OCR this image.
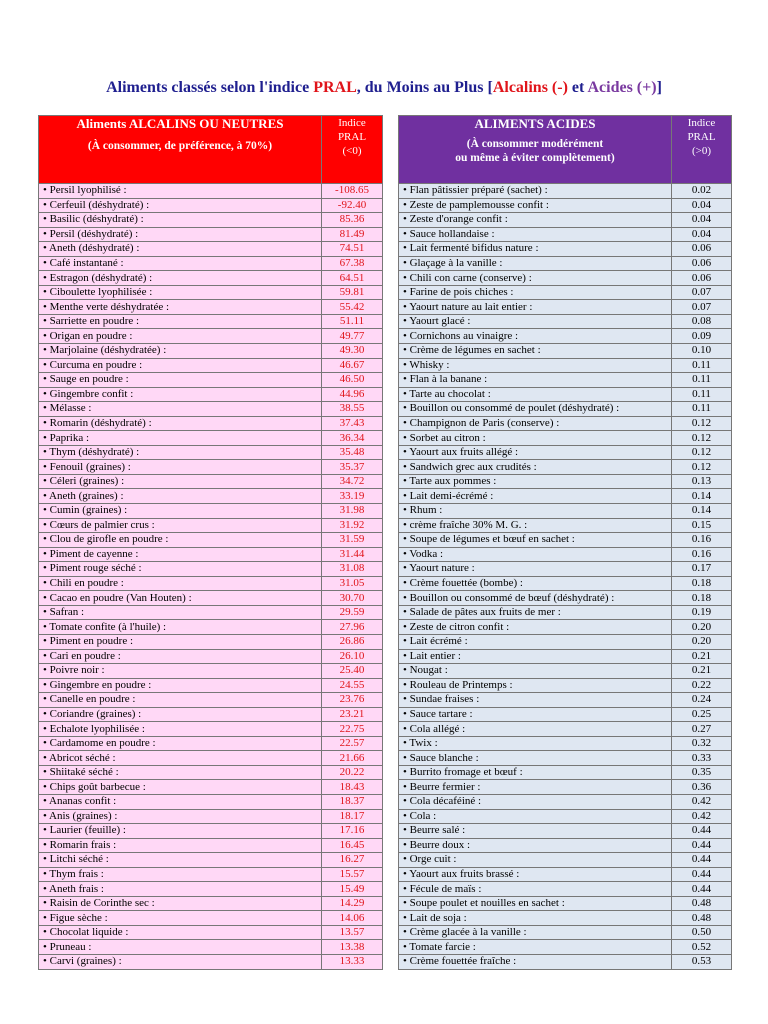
Aliments classés selon l'indice PRAL, du Moins au Plus [Alcalins (-) et Acides (+)]
Aliments ALCALINS OU NEUTRES
(À consommer, de préférence, à 70%)	Indice
PRAL
(<0)

• Persil lyophilisé :	-108.65
• Cerfeuil (déshydraté) :	-92.40
• Basilic (déshydraté) :	85.36
• Persil (déshydraté) :	81.49
• Aneth (déshydraté) :	74.51
• Café instantané :	67.38
• Estragon (déshydraté) :	64.51
• Ciboulette lyophilisée :	59.81
• Menthe verte déshydratée :	55.42
• Sarriette en poudre :	51.11
• Origan en poudre :	49.77
• Marjolaine (déshydratée) :	49.30
• Curcuma en poudre :	46.67
• Sauge en poudre :	46.50
• Gingembre confit :	44.96
• Mélasse :	38.55
• Romarin (déshydraté) :	37.43
• Paprika :	36.34
• Thym (déshydraté) :	35.48
• Fenouil (graines) :	35.37
• Céleri (graines) :	34.72
• Aneth (graines) :	33.19
• Cumin (graines) :	31.98
• Cœurs de palmier crus :	31.92
• Clou de girofle en poudre :	31.59
• Piment de cayenne :	31.44
• Piment rouge séché :	31.08
• Chili en poudre :	31.05
• Cacao en poudre (Van Houten) :	30.70
• Safran :	29.59
• Tomate confite (à l'huile) :	27.96
• Piment en poudre :	26.86
• Cari en poudre :	26.10
• Poivre noir :	25.40
• Gingembre en poudre :	24.55
• Canelle en poudre :	23.76
• Coriandre (graines) :	23.21
• Echalote lyophilisée :	22.75
• Cardamome en poudre :	22.57
• Abricot séché :	21.66
• Shiitaké séché :	20.22
• Chips goût barbecue :	18.43
• Ananas confit :	18.37
• Anis (graines) :	18.17
• Laurier (feuille) :	17.16
• Romarin frais :	16.45
• Litchi séché :	16.27
• Thym frais :	15.57
• Aneth frais :	15.49
• Raisin de Corinthe sec :	14.29
• Figue sèche :	14.06
• Chocolat liquide :	13.57
• Pruneau :	13.38
• Carvi (graines) :	13.33
ALIMENTS ACIDES
(À consommer modérément
ou même à éviter complètement)	Indice
PRAL
(>0)

• Flan pâtissier préparé (sachet) :	0.02
• Zeste de pamplemousse confit :	0.04
• Zeste d'orange confit :	0.04
• Sauce hollandaise :	0.04
• Lait fermenté bifidus nature :	0.06
• Glaçage à la vanille :	0.06
• Chili con carne (conserve) :	0.06
• Farine de pois chiches :	0.07
• Yaourt nature au lait entier :	0.07
• Yaourt glacé :	0.08
• Cornichons au vinaigre :	0.09
• Crème de légumes en sachet :	0.10
• Whisky :	0.11
• Flan à la banane :	0.11
• Tarte au chocolat :	0.11
• Bouillon ou consommé de poulet (déshydraté) :	0.11
• Champignon de Paris (conserve) :	0.12
• Sorbet au citron :	0.12
• Yaourt aux fruits allégé :	0.12
• Sandwich grec aux crudités :	0.12
• Tarte aux pommes :	0.13
• Lait demi-écrémé :	0.14
• Rhum :	0.14
• crème fraîche 30% M. G. :	0.15
• Soupe de légumes et bœuf en sachet :	0.16
• Vodka :	0.16
• Yaourt nature :	0.17
• Crème fouettée (bombe) :	0.18
• Bouillon ou consommé de bœuf (déshydraté) :	0.18
• Salade de pâtes aux fruits de mer :	0.19
• Zeste de citron confit :	0.20
• Lait écrémé :	0.20
• Lait entier :	0.21
• Nougat :	0.21
• Rouleau de Printemps :	0.22
• Sundae fraises :	0.24
• Sauce tartare :	0.25
• Cola allégé :	0.27
• Twix :	0.32
• Sauce blanche :	0.33
• Burrito fromage et bœuf :	0.35
• Beurre fermier :	0.36
• Cola décaféiné :	0.42
• Cola :	0.42
• Beurre salé :	0.44
• Beurre doux :	0.44
• Orge cuit :	0.44
• Yaourt aux fruits brassé :	0.44
• Fécule de maïs :	0.44
• Soupe poulet et nouilles en sachet :	0.48
• Lait de soja :	0.48
• Crème glacée à la vanille :	0.50
• Tomate farcie :	0.52
• Crème fouettée fraîche :	0.53
